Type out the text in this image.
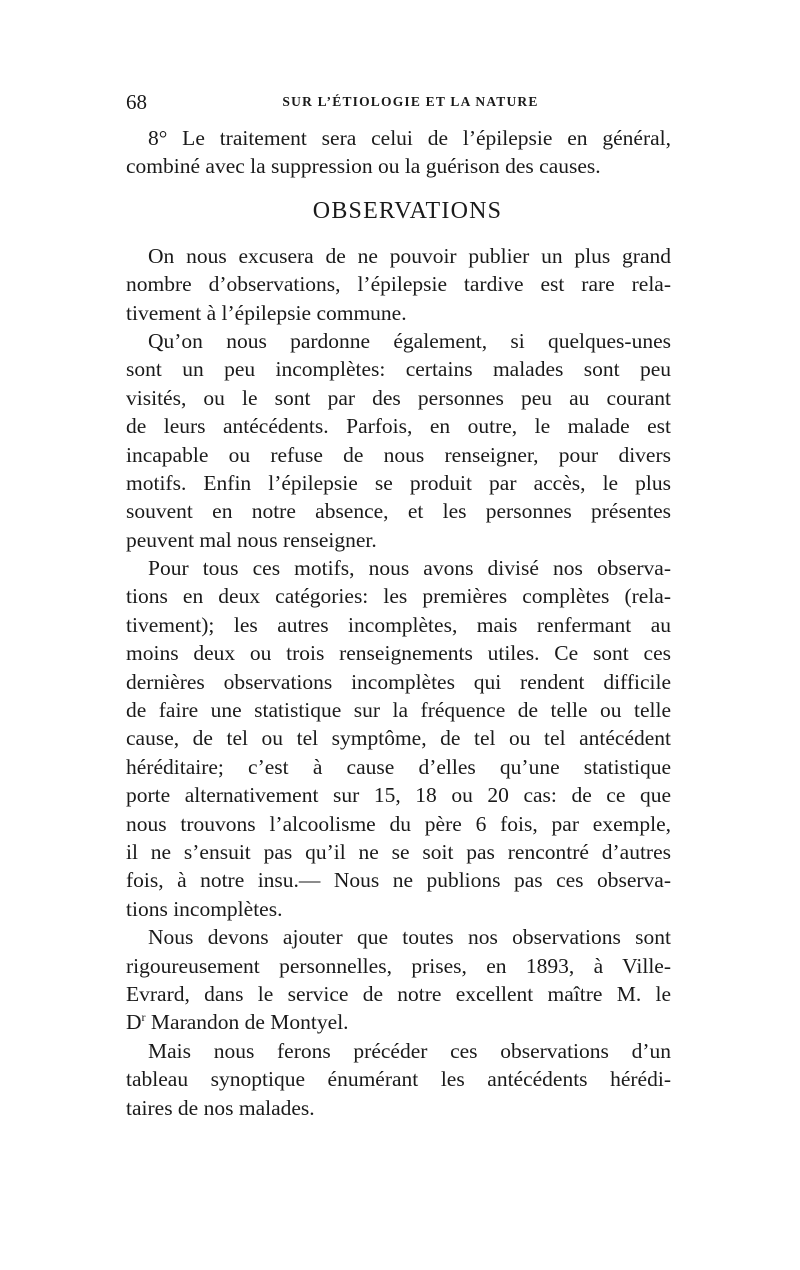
68	SUR L’ÉTIOLOGIE ET LA NATURE
8° Le traitement sera celui de l’épilepsie en général,
combiné avec la suppression ou la guérison des causes.
OBSERVATIONS
On nous excusera de ne pouvoir publier un plus grand
nombre d’observations, l’épilepsie tardive est rare rela-
tivement à l’épilepsie commune.
Qu’on nous pardonne également, si quelques-unes
sont un peu incomplètes: certains malades sont peu
visités, ou le sont par des personnes peu au courant
de leurs antécédents. Parfois, en outre, le malade est
incapable ou refuse de nous renseigner, pour divers
motifs. Enfin l’épilepsie se produit par accès, le plus
souvent en notre absence, et les personnes présentes
peuvent mal nous renseigner.
Pour tous ces motifs, nous avons divisé nos observa-
tions en deux catégories: les premières complètes (rela-
tivement); les autres incomplètes, mais renfermant au
moins deux ou trois renseignements utiles. Ce sont ces
dernières observations incomplètes qui rendent difficile
de faire une statistique sur la fréquence de telle ou telle
cause, de tel ou tel symptôme, de tel ou tel antécédent
héréditaire; c’est à cause d’elles qu’une statistique
porte alternativement sur 15, 18 ou 20 cas: de ce que
nous trouvons l’alcoolisme du père 6 fois, par exemple,
il ne s’ensuit pas qu’il ne se soit pas rencontré d’autres
fois, à notre insu.— Nous ne publions pas ces observa-
tions incomplètes.
Nous devons ajouter que toutes nos observations sont
rigoureusement personnelles, prises, en 1893, à Ville-
Evrard, dans le service de notre excellent maître M. le
$D^r$ Marandon de Montyel.
Mais nous ferons précéder ces observations d’un
tableau synoptique énumérant les antécédents hérédi-
taires de nos malades.
